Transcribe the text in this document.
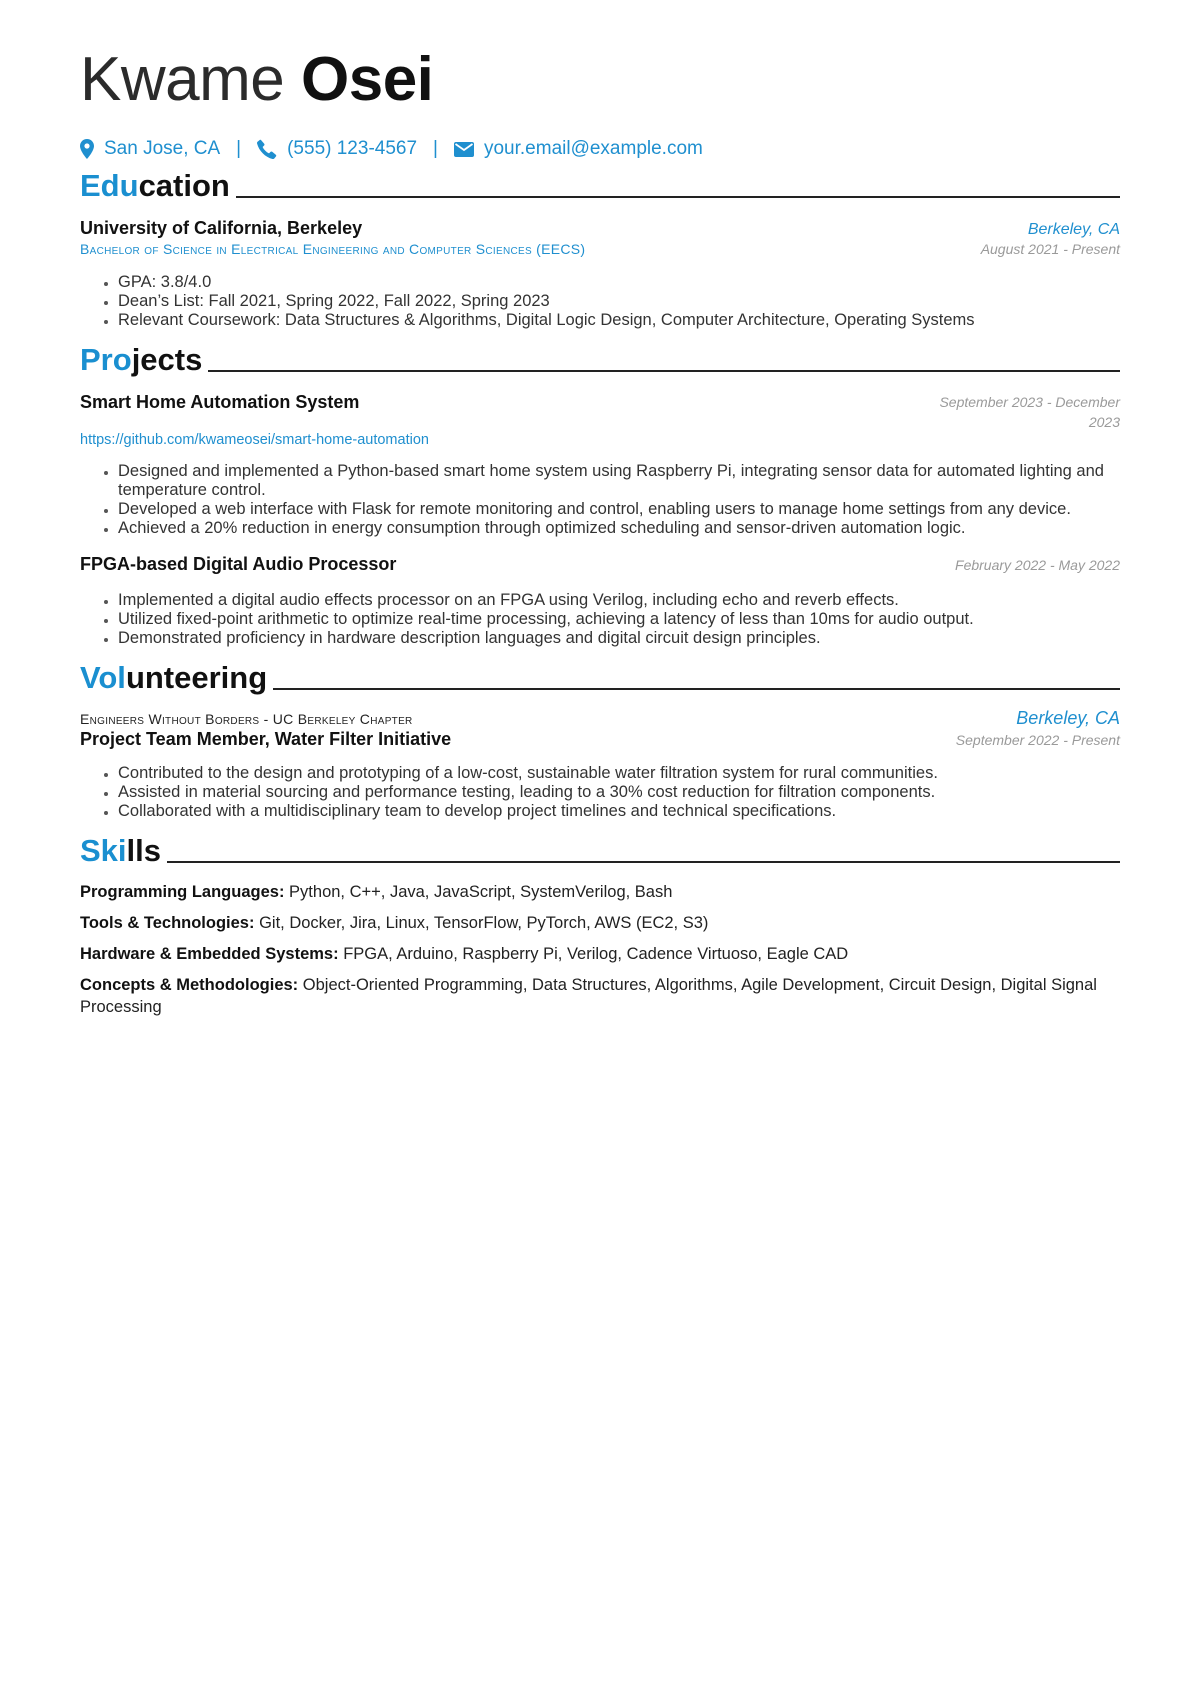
Kwame Osei
San Jose, CA | (555) 123-4567 | your.email@example.com
Education
University of California, Berkeley	Berkeley, CA
Bachelor of Science in Electrical Engineering and Computer Sciences (EECS)	August 2021 - Present
• GPA: 3.8/4.0
• Dean’s List: Fall 2021, Spring 2022, Fall 2022, Spring 2023
• Relevant Coursework: Data Structures & Algorithms, Digital Logic Design, Computer Architecture, Operating Systems
Projects
Smart Home Automation System	September 2023 - December
2023
https://github.com/kwameosei/smart-home-automation
• Designed and implemented a Python-based smart home system using Raspberry Pi, integrating sensor data for automated lighting and temperature control.
• Developed a web interface with Flask for remote monitoring and control, enabling users to manage home settings from any device.
• Achieved a 20% reduction in energy consumption through optimized scheduling and sensor-driven automation logic.
FPGA-based Digital Audio Processor	February 2022 - May 2022
• Implemented a digital audio effects processor on an FPGA using Verilog, including echo and reverb effects.
• Utilized fixed-point arithmetic to optimize real-time processing, achieving a latency of less than 10ms for audio output.
• Demonstrated proficiency in hardware description languages and digital circuit design principles.
Volunteering
Engineers Without Borders - UC Berkeley Chapter	Berkeley, CA
Project Team Member, Water Filter Initiative	September 2022 - Present
• Contributed to the design and prototyping of a low-cost, sustainable water filtration system for rural communities.
• Assisted in material sourcing and performance testing, leading to a 30% cost reduction for filtration components.
• Collaborated with a multidisciplinary team to develop project timelines and technical specifications.
Skills
Programming Languages: Python, C++, Java, JavaScript, SystemVerilog, Bash
Tools & Technologies: Git, Docker, Jira, Linux, TensorFlow, PyTorch, AWS (EC2, S3)
Hardware & Embedded Systems: FPGA, Arduino, Raspberry Pi, Verilog, Cadence Virtuoso, Eagle CAD
Concepts & Methodologies: Object-Oriented Programming, Data Structures, Algorithms, Agile Development, Circuit Design, Digital Signal Processing
